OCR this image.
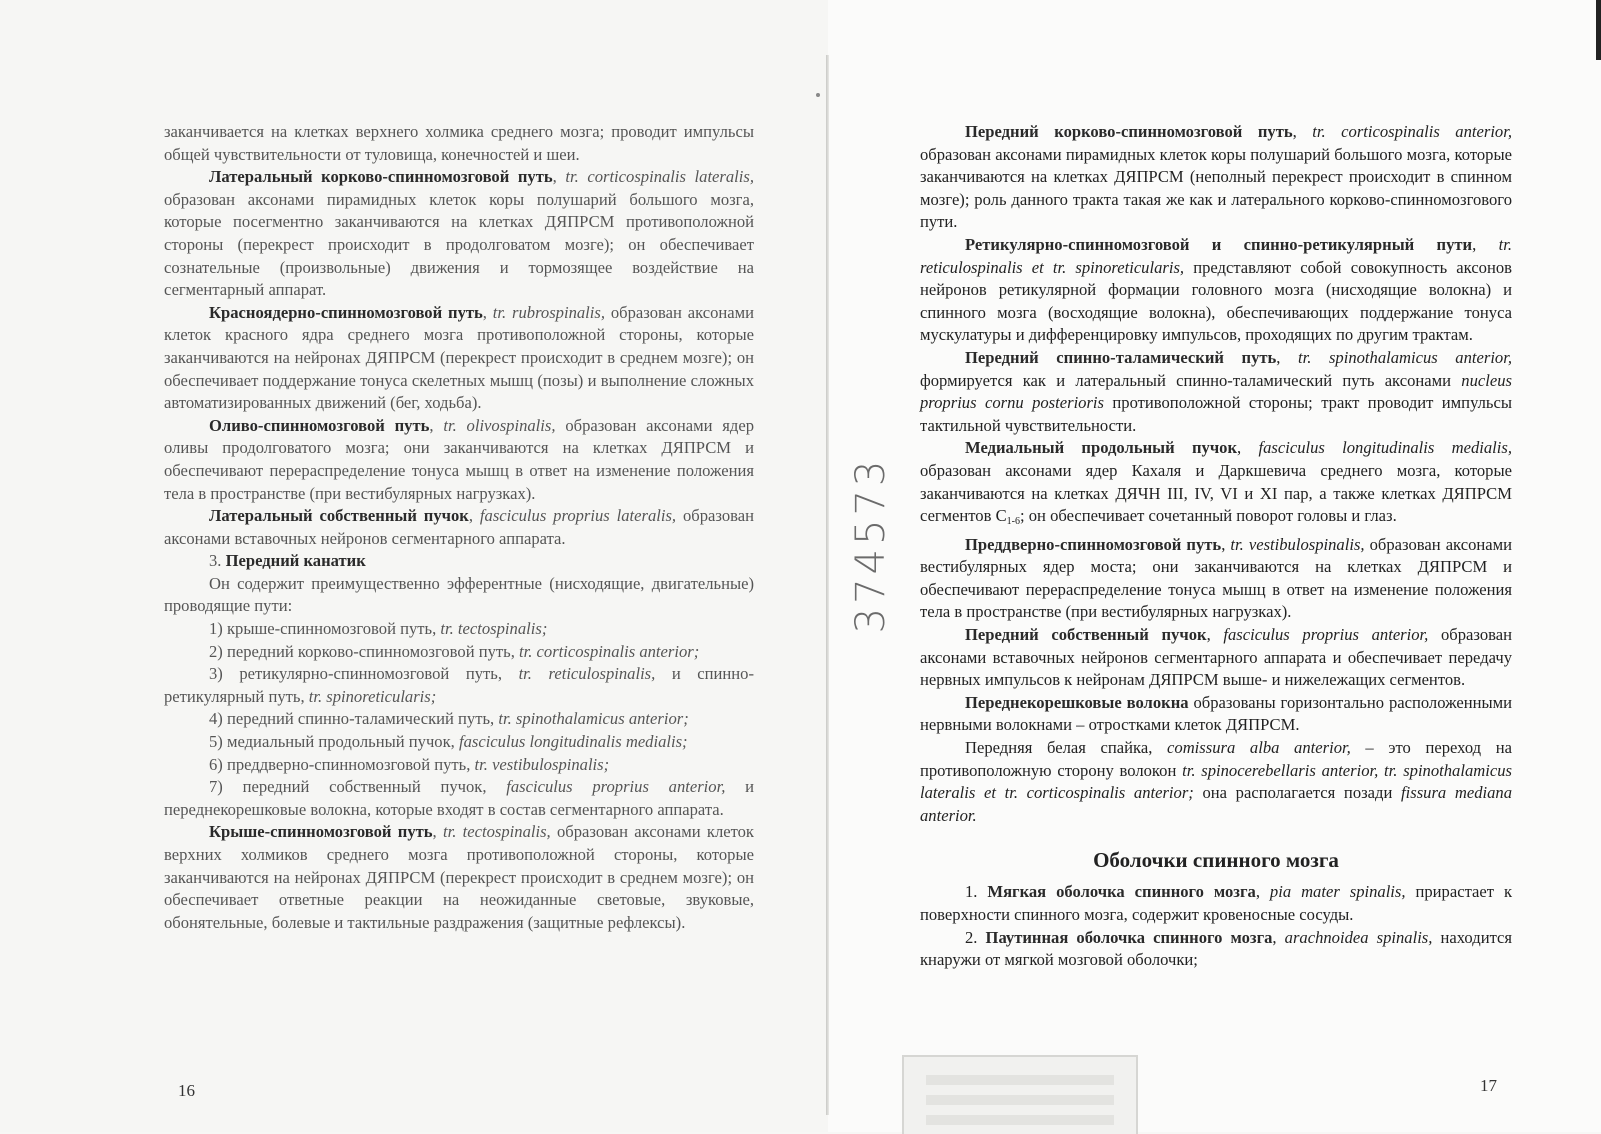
заканчивается на клетках верхнего холмика среднего мозга; проводит импульсы общей чувствительности от туловища, конечностей и шеи.

Латеральный корково-спинномозговой путь, tr. corticospinalis lateralis, образован аксонами пирамидных клеток коры полушарий большого мозга, которые посегментно заканчиваются на клетках ДЯПРСМ противоположной стороны (перекрест происходит в продолговатом мозге); он обеспечивает сознательные (произвольные) движения и тормозящее воздействие на сегментарный аппарат.

Красноядерно-спинномозговой путь, tr. rubrospinalis, образован аксонами клеток красного ядра среднего мозга противоположной стороны, которые заканчиваются на нейронах ДЯПРСМ (перекрест происходит в среднем мозге); он обеспечивает поддержание тонуса скелетных мышц (позы) и выполнение сложных автоматизированных движений (бег, ходьба).

Оливо-спинномозговой путь, tr. olivospinalis, образован аксонами ядер оливы продолговатого мозга; они заканчиваются на клетках ДЯПРСМ и обеспечивают перераспределение тонуса мышц в ответ на изменение положения тела в пространстве (при вестибулярных нагрузках).

Латеральный собственный пучок, fasciculus proprius lateralis, образован аксонами вставочных нейронов сегментарного аппарата.

3. Передний канатик

Он содержит преимущественно эфферентные (нисходящие, двигательные) проводящие пути:

1) крыше-спинномозговой путь, tr. tectospinalis;

2) передний корково-спинномозговой путь, tr. corticospinalis anterior;

3) ретикулярно-спинномозговой путь, tr. reticulospinalis, и спинно-ретикулярный путь, tr. spinoreticularis;

4) передний спинно-таламический путь, tr. spinothalamicus anterior;

5) медиальный продольный пучок, fasciculus longitudinalis medialis;

6) преддверно-спинномозговой путь, tr. vestibulospinalis;

7) передний собственный пучок, fasciculus proprius anterior, и переднекорешковые волокна, которые входят в состав сегментарного аппарата.

Крыше-спинномозговой путь, tr. tectospinalis, образован аксонами клеток верхних холмиков среднего мозга противоположной стороны, которые заканчиваются на нейронах ДЯПРСМ (перекрест происходит в среднем мозге); он обеспечивает ответные реакции на неожиданные световые, звуковые, обонятельные, болевые и тактильные раздражения (защитные рефлексы).

Передний корково-спинномозговой путь, tr. corticospinalis anterior, образован аксонами пирамидных клеток коры полушарий большого мозга, которые заканчиваются на клетках ДЯПРСМ (неполный перекрест происходит в спинном мозге); роль данного тракта такая же как и латерального корково-спинномозгового пути.

Ретикулярно-спинномозговой и спинно-ретикулярный пути, tr. reticulospinalis et tr. spinoreticularis, представляют собой совокупность аксонов нейронов ретикулярной формации головного мозга (нисходящие волокна) и спинного мозга (восходящие волокна), обеспечивающих поддержание тонуса мускулатуры и дифференцировку импульсов, проходящих по другим трактам.

Передний спинно-таламический путь, tr. spinothalamicus anterior, формируется как и латеральный спинно-таламический путь аксонами nucleus proprius cornu posterioris противоположной стороны; тракт проводит импульсы тактильной чувствительности.

Медиальный продольный пучок, fasciculus longitudinalis medialis, образован аксонами ядер Кахаля и Даркшевича среднего мозга, которые заканчиваются на клетках ДЯЧН III, IV, VI и XI пар, а также клетках ДЯПРСМ сегментов $C_{1-6}$; он обеспечивает сочетанный поворот головы и глаз.

Преддверно-спинномозговой путь, tr. vestibulospinalis, образован аксонами вестибулярных ядер моста; они заканчиваются на клетках ДЯПРСМ и обеспечивают перераспределение тонуса мышц в ответ на изменение положения тела в пространстве (при вестибулярных нагрузках).

Передний собственный пучок, fasciculus proprius anterior, образован аксонами вставочных нейронов сегментарного аппарата и обеспечивает передачу нервных импульсов к нейронам ДЯПРСМ выше- и нижележащих сегментов.

Переднекорешковые волокна образованы горизонтально расположенными нервными волокнами – отростками клеток ДЯПРСМ.

Передняя белая спайка, comissura alba anterior, – это переход на противоположную сторону волокон tr. spinocerebellaris anterior, tr. spinothalamicus lateralis et tr. corticospinalis anterior; она располагается позади fissura mediana anterior.

Оболочки спинного мозга

1. Мягкая оболочка спинного мозга, pia mater spinalis, прирастает к поверхности спинного мозга, содержит кровеносные сосуды.

2. Паутинная оболочка спинного мозга, arachnoidea spinalis, находится кнаружи от мягкой мозговой оболочки;

374573
16	17
